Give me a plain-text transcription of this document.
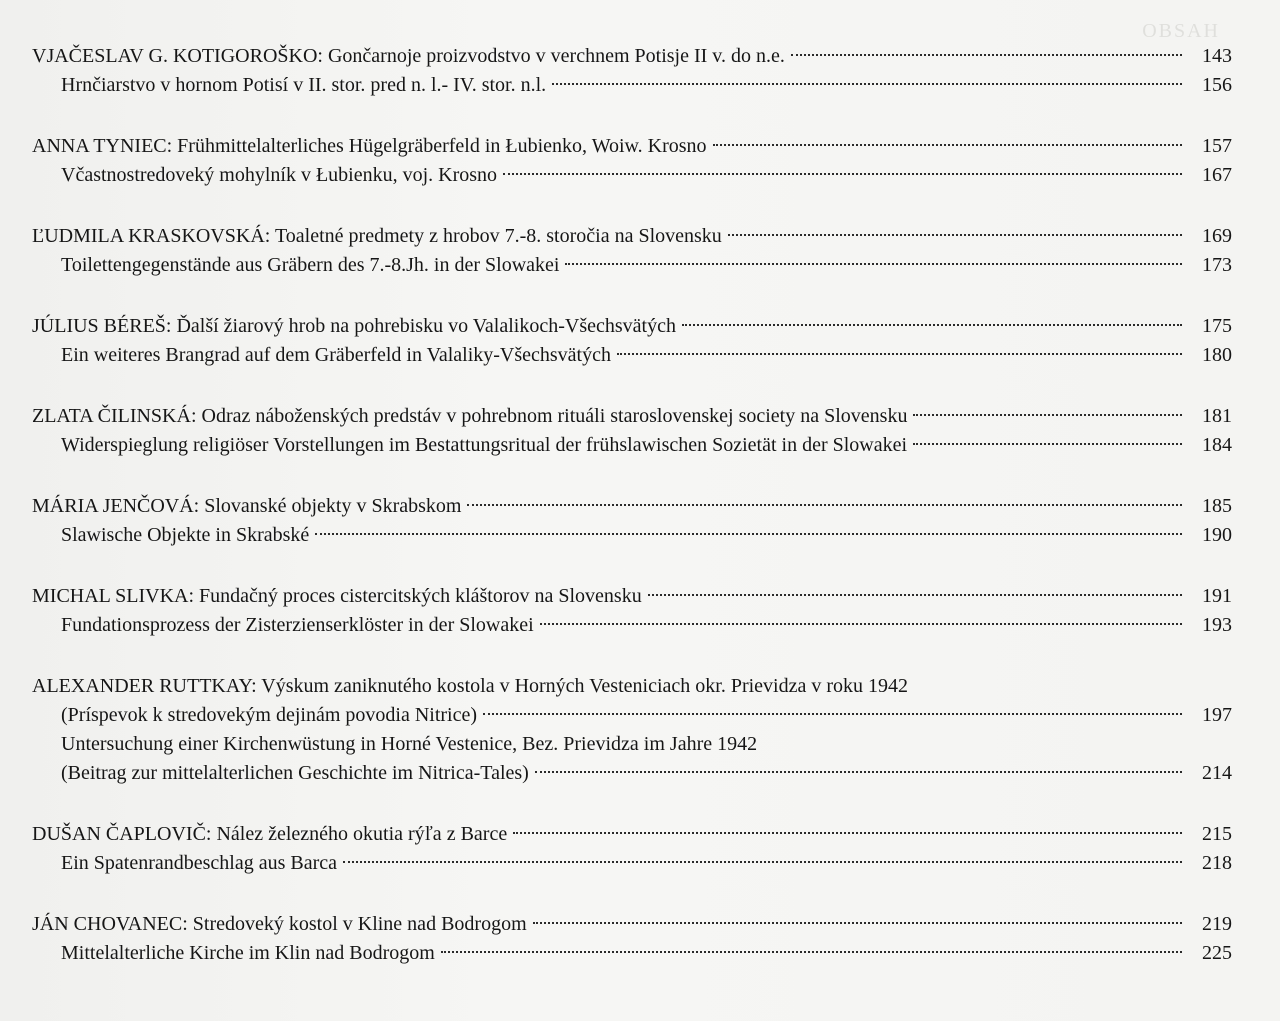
OBSAH
VJAČESLAV G. KOTIGOROŠKO: Gončarnoje proizvodstvo v verchnem Potisje II v. do n.e.	143
Hrnčiarstvo v hornom Potisí v II. stor. pred n. l.- IV. stor. n.l.	156
ANNA TYNIEC: Frühmittelalterliches Hügelgräberfeld in Łubienko, Woiw. Krosno	157
Včastnostredoveký mohylník v Łubienku, voj. Krosno	167
ĽUDMILA KRASKOVSKÁ: Toaletné predmety z hrobov 7.-8. storočia na Slovensku	169
Toilettengegenstände aus Gräbern des 7.-8.Jh. in der Slowakei	173
JÚLIUS BÉREŠ: Ďalší žiarový hrob na pohrebisku vo Valalikoch-Všechsvätých	175
Ein weiteres Brangrad auf dem Gräberfeld in Valaliky-Všechsvätých	180
ZLATA ČILINSKÁ: Odraz náboženských predstáv v pohrebnom rituáli staroslovenskej society na Slovensku	181
Widerspieglung religiöser Vorstellungen im Bestattungsritual der frühslawischen Sozietät in der Slowakei	184
MÁRIA JENČOVÁ: Slovanské objekty v Skrabskom	185
Slawische Objekte in Skrabské	190
MICHAL SLIVKA: Fundačný proces cistercitských kláštorov na Slovensku	191
Fundationsprozess der Zisterzienserklöster in der Slowakei	193
ALEXANDER RUTTKAY: Výskum zaniknutého kostola v Horných Vesteniciach okr. Prievidza v roku 1942
(Príspevok k stredovekým dejinám povodia Nitrice)	197
Untersuchung einer Kirchenwüstung in Horné Vestenice, Bez. Prievidza im Jahre 1942
(Beitrag zur mittelalterlichen Geschichte im Nitrica-Tales)	214
DUŠAN ČAPLOVIČ: Nález železného okutia rýľa z Barce	215
Ein Spatenrandbeschlag aus Barca	218
JÁN CHOVANEC: Stredoveký kostol v Kline nad Bodrogom	219
Mittelalterliche Kirche im Klin nad Bodrogom	225
